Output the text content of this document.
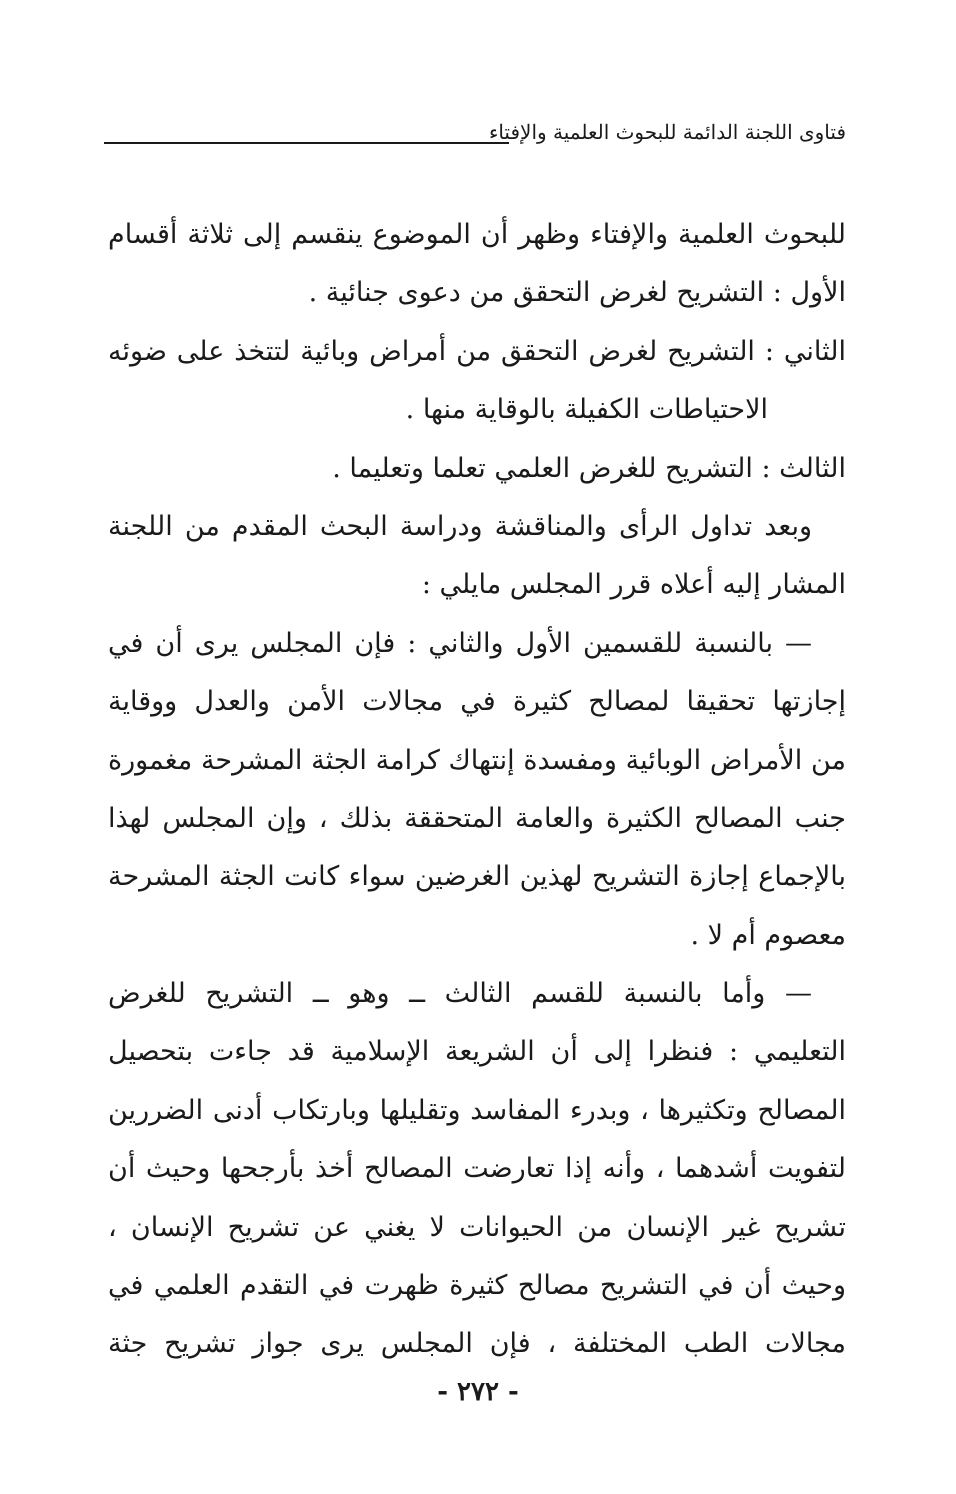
فتاوى اللجنة الدائمة للبحوث العلمية والإفتاء
للبحوث العلمية والإفتاء وظهر أن الموضوع ينقسم إلى ثلاثة أقسام
الأول : التشريح لغرض التحقق من دعوى جنائية .
الثاني : التشريح لغرض التحقق من أمراض وبائية لتتخذ على ضوئه
الاحتياطات الكفيلة بالوقاية منها .
الثالث : التشريح للغرض العلمي تعلما وتعليما .
وبعد تداول الرأى والمناقشة ودراسة البحث المقدم من اللجنة
المشار إليه أعلاه قرر المجلس مايلي :
— بالنسبة للقسمين الأول والثاني : فإن المجلس يرى أن في
إجازتها تحقيقا لمصالح كثيرة في مجالات الأمن والعدل ووقاية
من الأمراض الوبائية ومفسدة إنتهاك كرامة الجثة المشرحة مغمورة
جنب المصالح الكثيرة والعامة المتحققة بذلك ، وإن المجلس لهذا
بالإجماع إجازة التشريح لهذين الغرضين سواء كانت الجثة المشرحة
معصوم أم لا .
— وأما بالنسبة للقسم الثالث ــ وهو ــ التشريح للغرض
التعليمي : فنظرا إلى أن الشريعة الإسلامية قد جاءت بتحصيل
المصالح وتكثيرها ، وبدرء المفاسد وتقليلها وبارتكاب أدنى الضررين
لتفويت أشدهما ، وأنه إذا تعارضت المصالح أخذ بأرجحها وحيث أن
تشريح غير الإنسان من الحيوانات لا يغني عن تشريح الإنسان ،
وحيث أن في التشريح مصالح كثيرة ظهرت في التقدم العلمي في
مجالات الطب المختلفة ، فإن المجلس يرى جواز تشريح جثة
- ٢٧٢ -
